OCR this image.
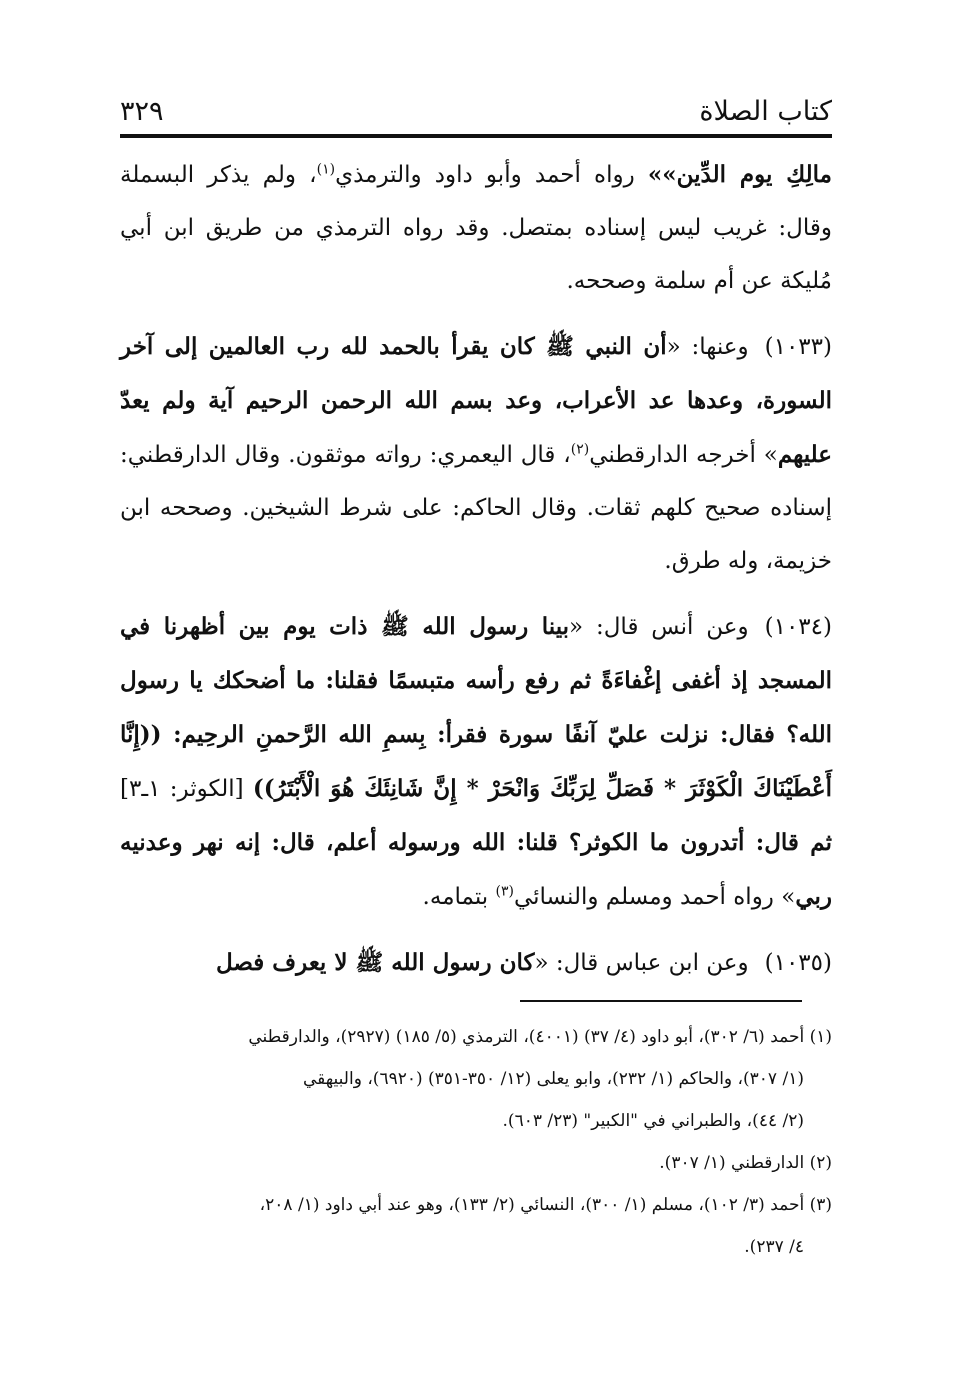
كتاب الصلاة
٣٢٩

مالِكِ يوم الدِّين»» رواه أحمد وأبو داود والترمذي$^{(١)}$، ولم يذكر البسملة وقال: غريب ليس إسناده بمتصل. وقد رواه الترمذي من طريق ابن أبي مُليكة عن أم سلمة وصححه.

(١٠٣٣)وعنها: «أن النبي ﷺ كان يقرأ بالحمد لله رب العالمين إلى آخر السورة، وعدها عد الأعراب، وعد بسم الله الرحمن الرحيم آية ولم يعدّ عليهم» أخرجه الدارقطني$^{(٢)}$، قال اليعمري: رواته موثقون. وقال الدارقطني: إسناده صحيح كلهم ثقات. وقال الحاكم: على شرط الشيخين. وصححه ابن خزيمة، وله طرق.

(١٠٣٤)وعن أنس قال: «بينا رسول الله ﷺ ذات يوم بين أظهرنا في المسجد إذ أغفى إغْفاءَةً ثم رفع رأسه متبسمًا فقلنا: ما أضحكك يا رسول الله؟ فقال: نزلت عليّ آنفًا سورة فقرأ: بِسمِ الله الرَّحمنِ الرحِيم: ((إِنَّا أَعْطَيْنَاكَ الْكَوْثَرَ * فَصَلِّ لِرَبِّكَ وَانْحَرْ * إِنَّ شَانِئَكَ هُوَ الْأَبْتَرُ)) [الكوثر: ١ـ٣] ثم قال: أتدرون ما الكوثر؟ قلنا: الله ورسوله أعلم، قال: إنه نهر وعدنيه ربي» رواه أحمد ومسلم والنسائي$^{(٣)}$ بتمامه.

(١٠٣٥)وعن ابن عباس قال: «كان رسول الله ﷺ لا يعرف فصل

(١) أحمد (٦/ ٣٠٢)، أبو داود (٤/ ٣٧) (٤٠٠١)، الترمذي (٥/ ١٨٥) (٢٩٢٧)، والدارقطني
(١/ ٣٠٧)، والحاكم (١/ ٢٣٢)، وابو يعلى (١٢/ ٣٥٠-٣٥١) (٦٩٢٠)، والبيهقي
(٢/ ٤٤)، والطبراني في "الكبير" (٢٣/ ٦٠٣).

(٢) الدارقطني (١/ ٣٠٧).

(٣) أحمد (٣/ ١٠٢)، مسلم (١/ ٣٠٠)، النسائي (٢/ ١٣٣)، وهو عند أبي داود (١/ ٢٠٨،
٤/ ٢٣٧).
